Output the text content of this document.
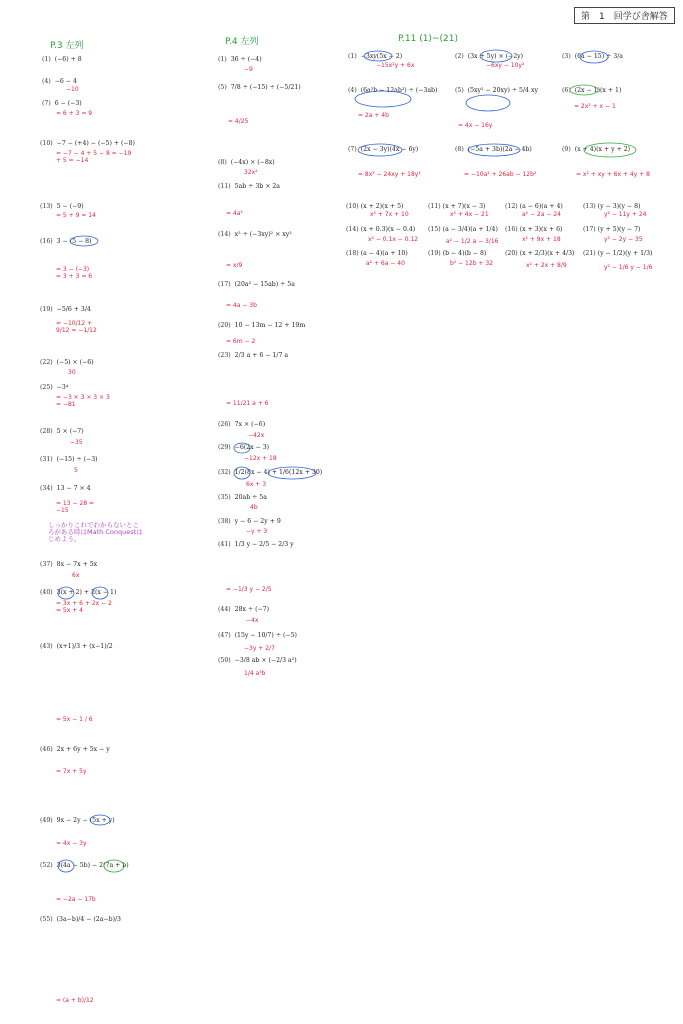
第　1　回学び舎解答
P.3 左列	P.4 左列	P.11 (1)~(21)
(1) (−6) + 8
(4) −6 − 4
−10
(7) 6 − (−3)
= 6 + 3 = 9
(10) −7 − (+4) − (−5) + (−8)
= −7 − 4 + 5 − 8 = −19 + 5 = −14
(13) 5 − (−9)
= 5 + 9 = 14
(16) 3 − (5 − 8)
= 3 − (−3) = 3 + 3 = 6
(19) −5/6 + 3/4
= −10/12 + 9/12 = −1/12
(22) (−5) × (−6)
30
(25) −3⁴
= −3 × 3 × 3 × 3 = −81
(28) 5 × (−7)
−35
(31) (−15) ÷ (−3)
5
(34) 13 − 7 × 4
= 13 − 28 = −15
しっかりこれでわからないところがある時はMath Conquestはじめよう。
(37) 8x − 7x + 5x
6x
(40) 3(x + 2) + 2(x − 1)
= 3x + 6 + 2x − 2 = 5x + 4
(43) (x+1)/3 + (x−1)/2
= 5x − 1 / 6
(46) 2x + 6y + 5x − y
= 7x + 5y
(49) 9x − 2y − (5x + y)
= 4x − 3y
(52) 3(4a − 5b) − 2(7a + b)
= −2a − 17b
(55) (3a−b)/4 − (2a−b)/3
= (a + b)/12
(1) 36 ÷ (−4)
−9
(5) 7/8 ÷ (−15) ÷ (−5/21)
= 4/25
(8) (−4x) × (−8x)
32x²
(11) 5ab ÷ 3b × 2a
= 4a²
(14) x² ÷ (−3xy)² × xy²
= x/9
(17) (20a² − 15ab) ÷ 5a
= 4a − 3b
(20) 10 − 13m − 12 + 19m
= 6m − 2
(23) 2/3 a + 6 − 1/7 a
= 11/21 a + 6
(26) 7x × (−6)
−42x
(29) −6(2x − 3)
−12x + 18
(32) 1/2(8x − 4) + 1/6(12x + 30)
6x + 3
(35) 20ab ÷ 5a
4b
(38) y − 6 − 2y + 9
−y + 3
(41) 1/3 y − 2/5 − 2/3 y
= −1/3 y − 2/5
(44) 28x ÷ (−7)
−4x
(47) (15y − 10/7) ÷ (−5)
−3y + 2/7
(50) −3/8 ab × (−2/3 a²)
1/4 a³b
(1) −3xy(5x − 2)
−15x²y + 6x
(2) (3x + 5y) × (−2y)
−6xy − 10y²
(3) (6a − 15) ÷ 3/a
(4) (6a²b − 12ab²) ÷ (−3ab)
= 2a + 4b
(5) (5xy² − 20xy) ÷ 5/4 xy
= 4x − 16y
(6) (2x − 1)(x + 1)
= 2x² + x − 1
(7) (2x − 3y)(4x − 6y)
= 8x² − 24xy + 18y²
(8) (−5a + 3b)(2a − 4b)
= −10a² + 26ab − 12b²
(9) (x + 4)(x + y + 2)
= x² + xy + 6x + 4y + 8
(10) (x + 2)(x + 5)
x² + 7x + 10
(11) (x + 7)(x − 3)
x² + 4x − 21
(12) (a − 6)(a + 4)
a² − 2a − 24
(13) (y − 3)(y − 8)
y² − 11y + 24
(14) (x + 0.3)(x − 0.4)
x² − 0.1x − 0.12
(15) (a − 3/4)(a + 1/4)
a² − 1/2 a − 3/16
(16) (x + 3)(x + 6)
x² + 9x + 18
(17) (y + 5)(y − 7)
y² − 2y − 35
(18) (a − 4)(a + 10)
a² + 6a − 40
(19) (b − 4)(b − 8)
b² − 12b + 32
(20) (x + 2/3)(x + 4/3)
x² + 2x + 8/9
(21) (y − 1/2)(y + 1/3)
y² − 1/6 y − 1/6
